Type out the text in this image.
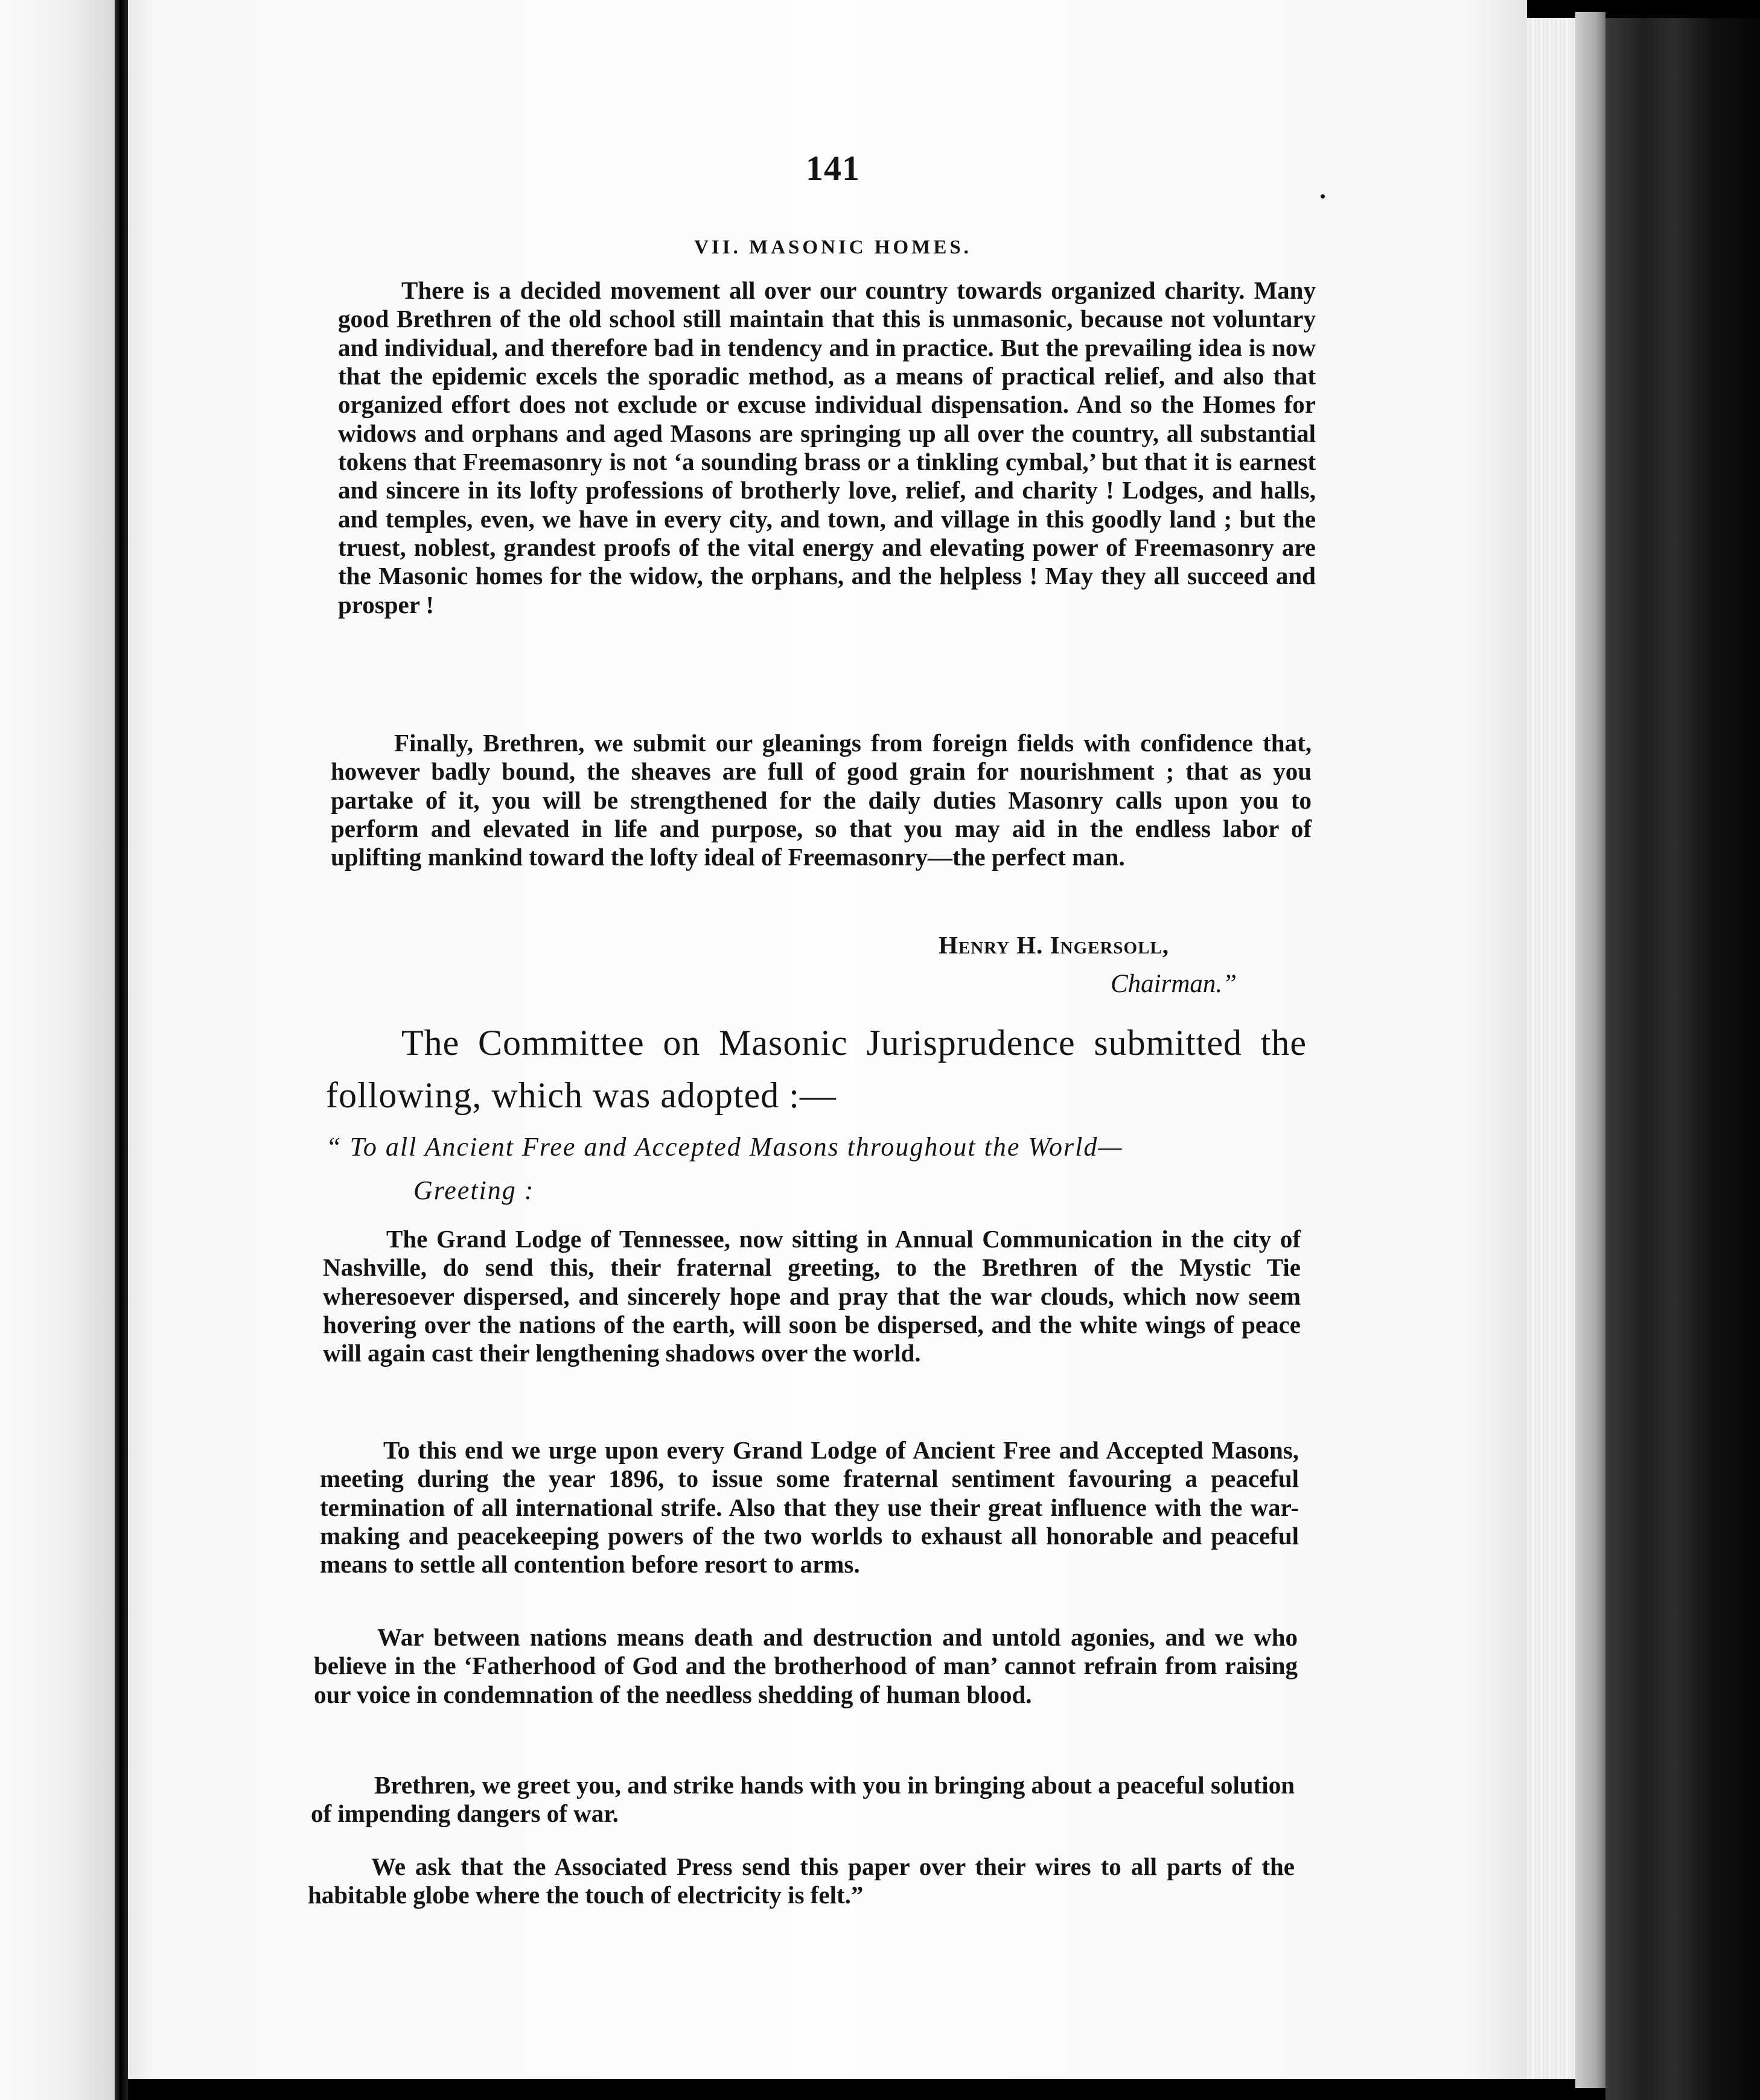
141
VII. MASONIC HOMES.

There is a decided movement all over our country towards organized charity. Many good Brethren of the old school still maintain that this is unmasonic, because not voluntary and individual, and therefore bad in tendency and in practice. But the prevailing idea is now that the epidemic excels the sporadic method, as a means of practical relief, and also that organized effort does not exclude or excuse individual dispensation. And so the Homes for widows and orphans and aged Masons are springing up all over the country, all substantial tokens that Freemasonry is not ‘a sounding brass or a tinkling cymbal,’ but that it is earnest and sincere in its lofty professions of brotherly love, relief, and charity ! Lodges, and halls, and temples, even, we have in every city, and town, and village in this goodly land ; but the truest, noblest, grandest proofs of the vital energy and elevating power of Freemasonry are the Masonic homes for the widow, the orphans, and the helpless ! May they all succeed and prosper !

Finally, Brethren, we submit our gleanings from foreign fields with confidence that, however badly bound, the sheaves are full of good grain for nourishment ; that as you partake of it, you will be strengthened for the daily duties Masonry calls upon you to perform and elevated in life and purpose, so that you may aid in the endless labor of uplifting mankind toward the lofty ideal of Freemasonry—the perfect man.

Henry H. Ingersoll,
Chairman.”

The Committee on Masonic Jurisprudence submitted the following, which was adopted :—

“ To all Ancient Free and Accepted Masons throughout the World—
Greeting :

The Grand Lodge of Tennessee, now sitting in Annual Communication in the city of Nashville, do send this, their fraternal greeting, to the Brethren of the Mystic Tie wheresoever dispersed, and sincerely hope and pray that the war clouds, which now seem hovering over the nations of the earth, will soon be dispersed, and the white wings of peace will again cast their lengthening shadows over the world.

To this end we urge upon every Grand Lodge of Ancient Free and Accepted Masons, meeting during the year 1896, to issue some fraternal sentiment favouring a peaceful termination of all international strife. Also that they use their great influence with the war-making and peacekeeping powers of the two worlds to exhaust all honorable and peaceful means to settle all contention before resort to arms.

War between nations means death and destruction and untold agonies, and we who believe in the ‘Fatherhood of God and the brotherhood of man’ cannot refrain from raising our voice in condemnation of the needless shedding of human blood.

Brethren, we greet you, and strike hands with you in bringing about a peaceful solution of impending dangers of war.

We ask that the Associated Press send this paper over their wires to all parts of the habitable globe where the touch of electricity is felt.”
